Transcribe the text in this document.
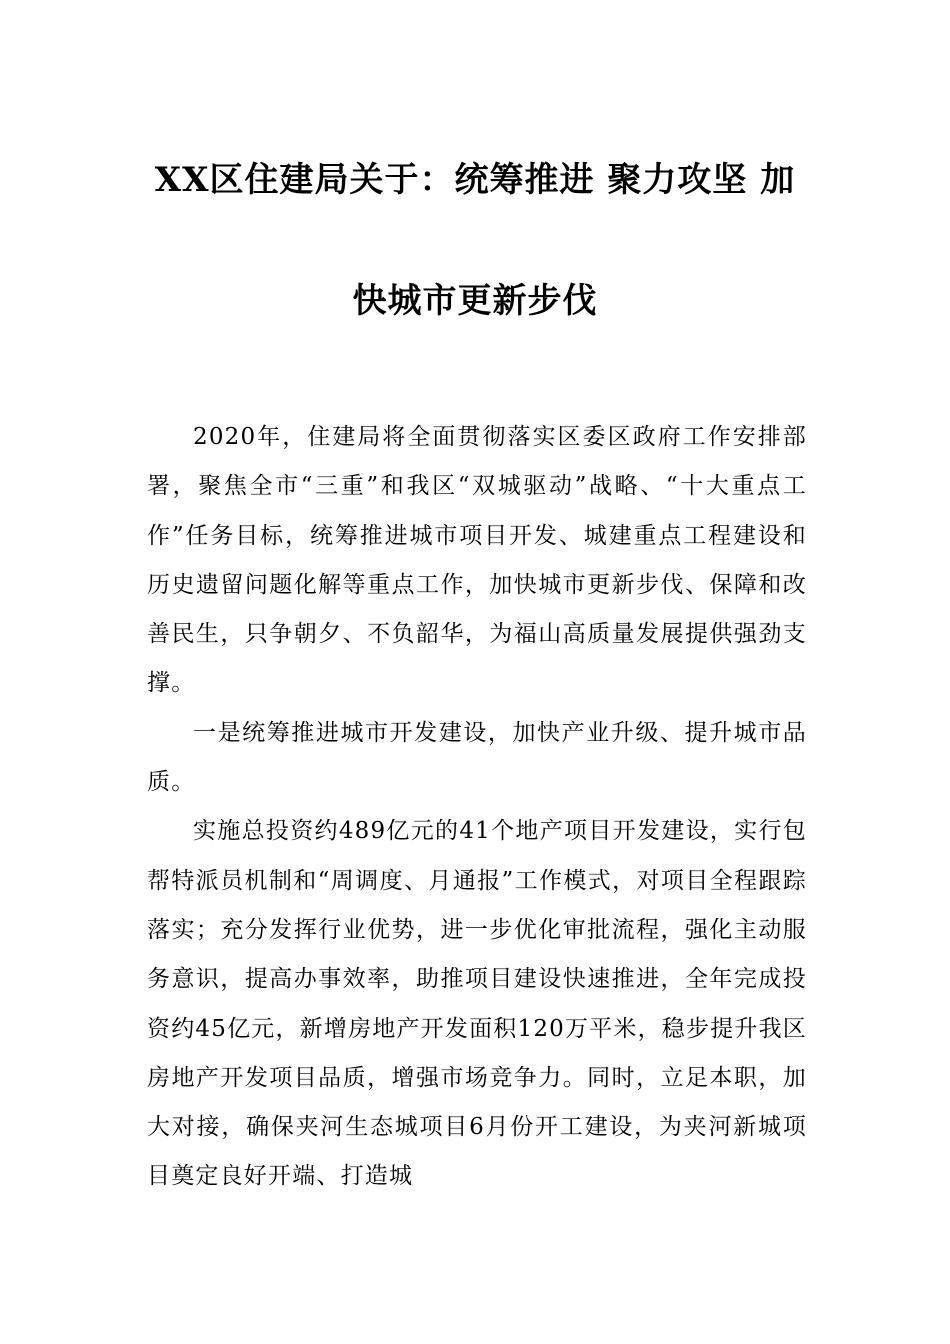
XX区住建局关于：统筹推进 聚力攻坚 加
快城市更新步伐

2020年，住建局将全面贯彻落实区委区政府工作安排部署，聚焦全市“三重”和我区“双城驱动”战略、“十大重点工作”任务目标，统筹推进城市项目开发、城建重点工程建设和历史遗留问题化解等重点工作，加快城市更新步伐、保障和改善民生，只争朝夕、不负韶华，为福山高质量发展提供强劲支撑。

一是统筹推进城市开发建设，加快产业升级、提升城市品质。

实施总投资约489亿元的41个地产项目开发建设，实行包帮特派员机制和“周调度、月通报”工作模式，对项目全程跟踪落实；充分发挥行业优势，进一步优化审批流程，强化主动服务意识，提高办事效率，助推项目建设快速推进，全年完成投资约45亿元，新增房地产开发面积120万平米，稳步提升我区房地产开发项目品质，增强市场竞争力。同时，立足本职，加大对接，确保夹河生态城项目6月份开工建设，为夹河新城项目奠定良好开端、打造城
